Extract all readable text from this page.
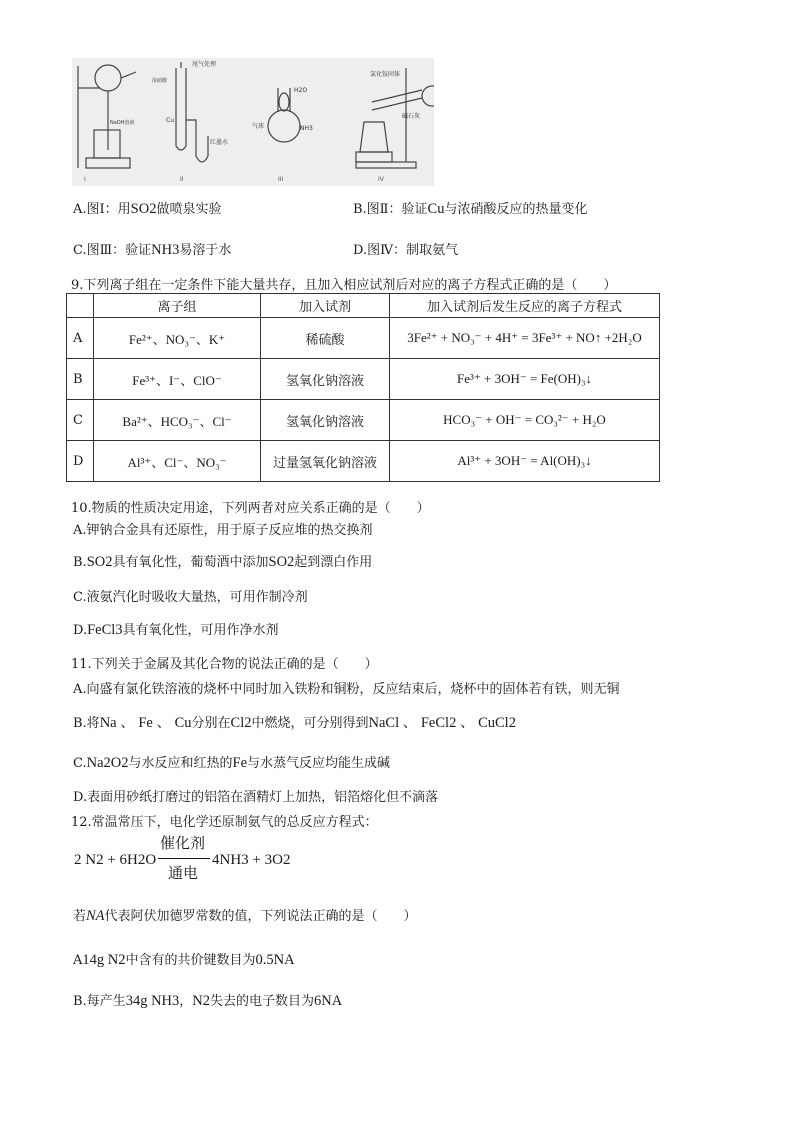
I	II	III	IV
NaOH溶液
尾气处理
浓硝酸
Cu
红墨水
H2O
气球	NH3
氯化铵固体
碱石灰
A.图Ⅰ：用SO2做喷泉实验	B.图Ⅱ：验证Cu与浓硝酸反应的热量变化
C.图Ⅲ：验证NH3易溶于水	D.图Ⅳ：制取氨气
9.下列离子组在一定条件下能大量共存，且加入相应试剂后对应的离子方程式正确的是（　　）
	离子组	加入试剂	加入试剂后发生反应的离子方程式
A	Fe²⁺、NO₃⁻、K⁺	稀硫酸	3Fe²⁺ + NO₃⁻ + 4H⁺ = 3Fe³⁺ + NO↑ +2H₂O
B	Fe³⁺、I⁻、ClO⁻	氢氧化钠溶液	Fe³⁺ + 3OH⁻ = Fe(OH)₃↓
C	Ba²⁺、HCO₃⁻、Cl⁻	氢氧化钠溶液	HCO₃⁻ + OH⁻ = CO₃²⁻ + H₂O
D	Al³⁺、Cl⁻、NO₃⁻	过量氢氧化钠溶液	Al³⁺ + 3OH⁻ = Al(OH)₃↓
10.物质的性质决定用途，下列两者对应关系正确的是（　　）
A.钾钠合金具有还原性，用于原子反应堆的热交换剂
B.SO2具有氧化性，葡萄酒中添加SO2起到漂白作用
C.液氨汽化时吸收大量热，可用作制冷剂
D.FeCl3具有氧化性，可用作净水剂
11.下列关于金属及其化合物的说法正确的是（　　）
A.向盛有氯化铁溶液的烧杯中同时加入铁粉和铜粉，反应结束后，烧杯中的固体若有铁，则无铜
B.将Na 、 Fe 、 Cu分别在Cl2中燃烧，可分别得到NaCl 、 FeCl2 、 CuCl2
C.Na2O2与水反应和红热的Fe与水蒸气反应均能生成碱
D.表面用砂纸打磨过的铝箔在酒精灯上加热，铝箔熔化但不滴落
12.常温常压下，电化学还原制氨气的总反应方程式：
2 N2 + 6H2O
催化剂
通电
4NH3 + 3O2
若NA代表阿伏加德罗常数的值，下列说法正确的是（　　）
A14g N2中含有的共价键数目为0.5NA
B.每产生34g NH3，N2失去的电子数目为6NA
